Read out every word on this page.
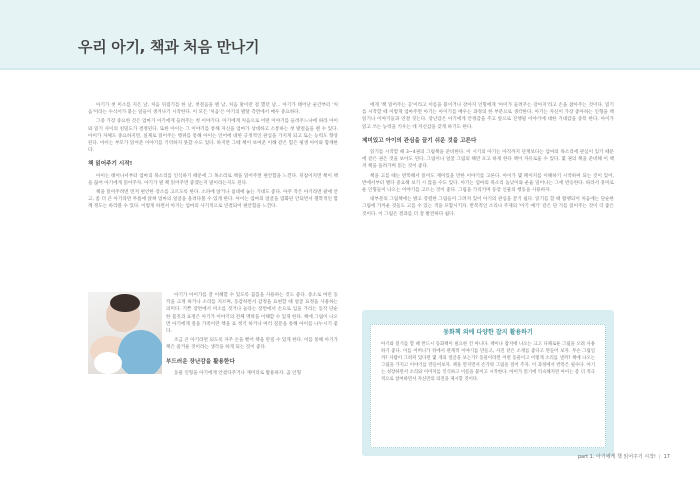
우리 아기, 책과 처음 만나기

아기가 첫 미소를 지은 날, 처음 뒤집기를 한 날, 첫걸음을 뗀 날, 처음 말이란 걸 했던 날… 아기가 태어난 순간부터 '처음'이라는 수식어가 붙는 일들이 생겨나기 시작한다. 이 모든 '처음'은 아기의 발달 측면에서 매우 중요하다.

그중 가장 중요한 것은 엄마가 아기에게 들려주는 첫 이야기다. 아기에게 처음으로 어떤 이야기를 들려주느냐에 따라 아이와 읽기 사이의 친밀도가 결정된다. 또한 아이는 그 이야기를 통해 자신을 엄마가 상대하고 소통하는 첫 발걸음을 뗀 수 있다. 아이가 자체도 중요하지만, 실제로 읽어주는 행위를 통해 아이는 언어에 대한 긍정적인 관심을 가지게 되고 또는 능력도 향상된다. 아이는 부모가 읽어준 이야기를 기억하지 못할 수도 있다. 하지만 그때 책이 보여준 이해 같은 힘은 평생 아이와 함께한다.

책 읽어주기 시작!

아이는 태어나서부터 엄마의 목소리를 인식하기 때문에 그 목소리로 책을 읽어주면 편안함을 느낀다. 뒤집어지면 책이 책을 끊어 아기에게 읽어주자. 아기가 옆 책 읽어주면 좋겠는지 말이라는지도 된다.

책을 읽어주려면 먼저 편안한 장소를 고르도록 한다. 소파에 앉거나 침대에 눕는 기대도 좋다. 아주 작은 아기라면 팔에 안고, 좀 더 큰 아기라면 무릎에 앉혀 엄마의 얼굴을 올려다볼 수 있게 한다. 아이는 엄마의 얼굴을 염화된 안되면서 철학적인 함께 정도는 바라볼 수 있다. 이렇게 하면서 아기는 엄마의 사기적으로 연결되어 편안함을 느낀다.

아기가 아이가를 잘 이해할 수 있도록 꼼꼼을 사용하는 것도 좋다. 중소로 여린 동작을 크게 하거나 소리를 지르며, 동감하면서 감정을 표현할 때 얼굴 표정을 사용하는 의미다. 기쁜 장면에서 미소를 짓거나 놀라는 장면에서 손으로 입을 가리는 동작 단순한 몸짓과 표정은 아기가 이야기의 전체 맥락을 이해할 수 있게 한다. 책에 그림이 나오면 아기에게 짚을 가족이란 책을 표 정기 하거나 여러 질문을 통해 아이를 나누시기 좋다.

조금 큰 아기라면 되도록 자주 손을 뻗어 책을 만질 수 있게 한다. 이를 통해 아기가 책은 즐거운 것이라는 생각을 하게 되는 것이 좋다.

부드러운 장난감을 활용한다

동물 인형을 아기에게 안겼다주거나 재미리로 활용하자. 곰 인형

에게 '책 읽어주는 공'이라고 이름을 붙이거나 강아지 인형에게 '아이가 들려주는 강아지'라고 손을 잡아주는 것이다. 읽기를 시작할 때 이렇게 엄마주면 아기는 아이기를 배우는 과정의 한 부분으로 생각한다. 아기는 자신이 가장 좋아하는 인형을 책읽기나 이야기들과 연결 짓는다. 장난감은 아기에게 안정감을 주고 앞으로 진행될 이야기에 대한 기대감을 증폭 한다. 아이가 읽고 쓰는 능력을 키우는 데 자신감을 갖게 하기도 한다.

제미있고 아이의 관심을 끌기 쉬운 것을 고른다

읽기를 시작할 때 3~4권의 그림책을 준비한다. 이 시기의 아기는 아직까지 단계보다는 엄마의 목소리에 관심이 있기 때문에 같은 권은 것을 보아도 된다. 그림이나 얼굴 그림의 해만 포고 하게 한다 책이 자유로울 수 있다. 몇 권의 책을 준비해 이 책 저 책을 돌려가며 읽는 것이 좋다.

책을 고를 때는 반복해서 읽어도 재미있을 만한 이야기를 고른다. 아이가 몇 페이지를 이해하기 시작하여 되는 것이 있어, 반에서부터 별다 중요해 보기 시 않을 수도 있다. 아기는 엄마의 목소리 높낮이와 운율 일어나는 그에 반응한다. 따라서 흥미로운 인형들이 나오는 이야기를 고르는 것이 좋다. 그림을 가리키며 등장 인물의 행동을 사용하자.

대부분의 그림책에는 밝고 강렬한 그림들이 그려져 있어 아기의 관심을 끌기 쉽다. 읽기를 할 때 활맹되어 처음에는 단순한 그림에 가까운 것들도 고를 수 있는 색을 포함시키자. 반복적인 소리나 주제의 '아기 얘기' 같은 단 가를 읽어주는 것이 더 좋은 것이다. 이 그림은 결과를 더 잘 발견하다 쉽다.

동화책 외에 다양한 잡지 활용하기

아기와 읽기를 할 때 반드시 동화책이 필요한 건 아니다. 책이나 잡지에 나오는 크고 다채로운 그림을 오려 사용하기 좋다. 이를 어머니가 뒤에서 관계적 이야기를 만들고, 사진 같은 소재를 좋다고 만들어 보자. 무슨 그림일까? 사람이 그려져 있다면 몇 개의 얼굴을 보는가? 동물이라면 어떤 동물이고 이렇게 소리를 낼까? 책에 나오는 그림을 가지고 이야기를 만들어보자. 책을 만지면서 손가락 그림을 짚어 주자. 이 과정에서 반복은 필수다. 아기는 성장하면서 소리와 이미지를 인식하고 이름을 붙이고 시작한다. 아이가 읽기에 익숙해지면 아이는 좀 더 적극적으로 참여하면서 자신만의 의견을 제시할 것이다.

part 1. 아기에게 책 읽어주기 시작! | 17
